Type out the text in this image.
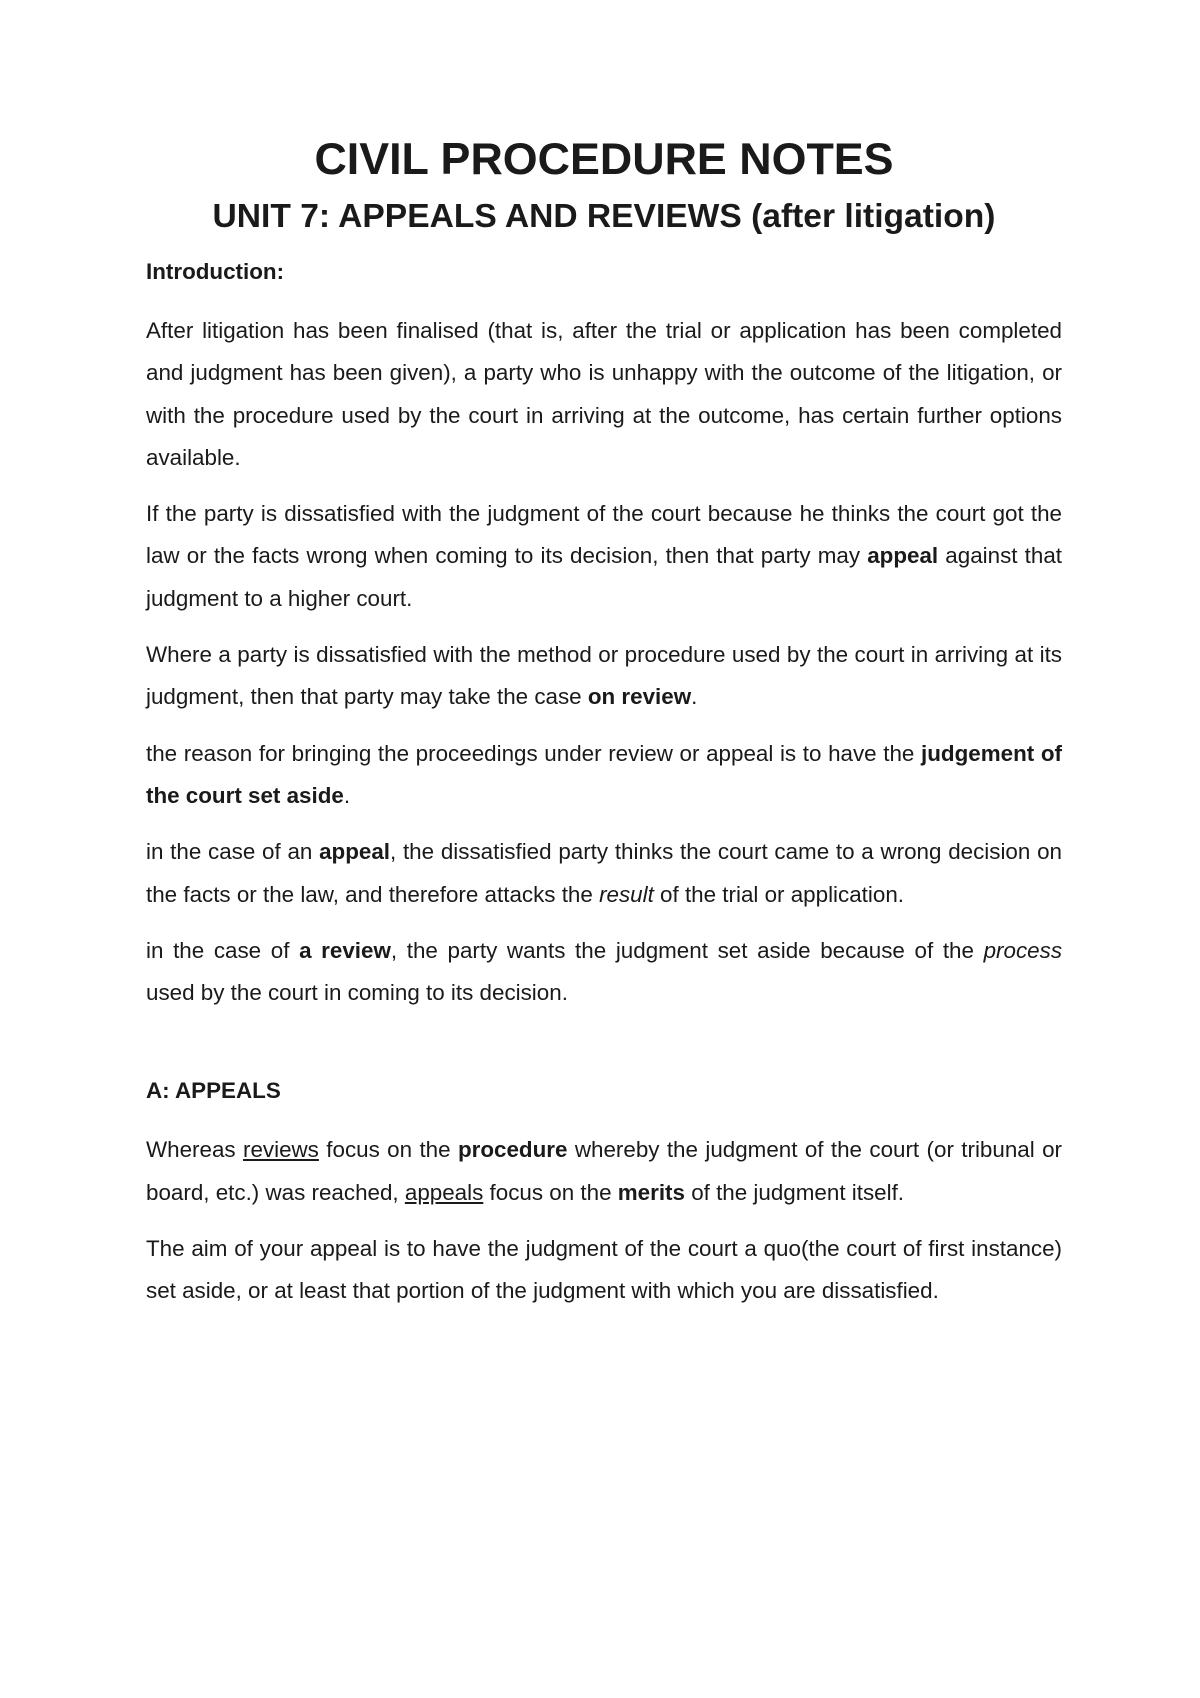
CIVIL PROCEDURE NOTES
UNIT 7: APPEALS AND REVIEWS (after litigation)
Introduction:

After litigation has been finalised (that is, after the trial or application has been completed and judgment has been given), a party who is unhappy with the outcome of the litigation, or with the procedure used by the court in arriving at the outcome, has certain further options available.

If the party is dissatisfied with the judgment of the court because he thinks the court got the law or the facts wrong when coming to its decision, then that party may appeal against that judgment to a higher court.

Where a party is dissatisfied with the method or procedure used by the court in arriving at its judgment, then that party may take the case on review.

the reason for bringing the proceedings under review or appeal is to have the judgement of the court set aside.

in the case of an appeal, the dissatisfied party thinks the court came to a wrong decision on the facts or the law, and therefore attacks the result of the trial or application.

in the case of a review, the party wants the judgment set aside because of the process used by the court in coming to its decision.

A: APPEALS

Whereas reviews focus on the procedure whereby the judgment of the court (or tribunal or board, etc.) was reached, appeals focus on the merits of the judgment itself.

The aim of your appeal is to have the judgment of the court a quo(the court of first instance) set aside, or at least that portion of the judgment with which you are dissatisfied.
